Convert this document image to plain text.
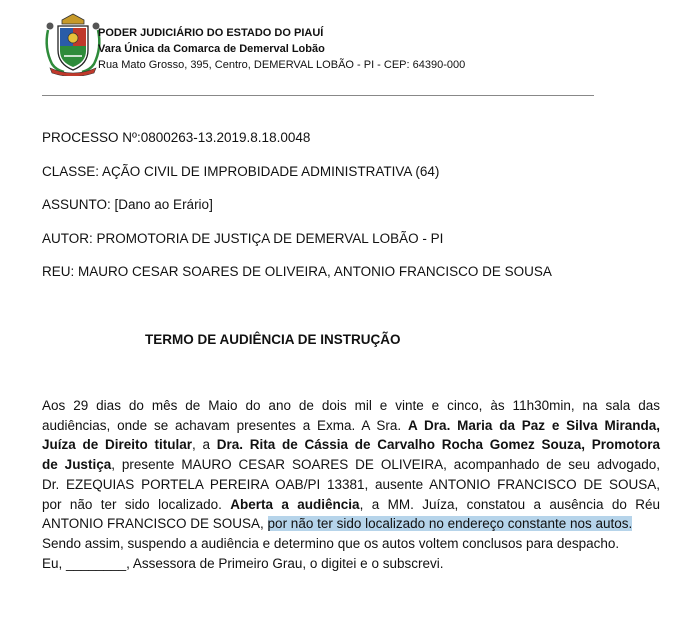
PODER JUDICIÁRIO DO ESTADO DO PIAUÍ
Vara Única da Comarca de Demerval Lobão
Rua Mato Grosso, 395, Centro, DEMERVAL LOBÃO - PI - CEP: 64390-000
PROCESSO Nº:0800263-13.2019.8.18.0048
CLASSE: AÇÃO CIVIL DE IMPROBIDADE ADMINISTRATIVA (64)
ASSUNTO: [Dano ao Erário]
AUTOR: PROMOTORIA DE JUSTIÇA DE DEMERVAL LOBÃO - PI
REU: MAURO CESAR SOARES DE OLIVEIRA, ANTONIO FRANCISCO DE SOUSA
TERMO DE AUDIÊNCIA DE INSTRUÇÃO
Aos 29 dias do mês de Maio do ano de dois mil e vinte e cinco, às 11h30min, na sala das
audiências, onde se achavam presentes a Exma. A Sra. A Dra. Maria da Paz e Silva Miranda,
Juíza de Direito titular, a Dra. Rita de Cássia de Carvalho Rocha Gomez Souza, Promotora
de Justiça, presente MAURO CESAR SOARES DE OLIVEIRA, acompanhado de seu advogado,
Dr. EZEQUIAS PORTELA PEREIRA OAB/PI 13381, ausente ANTONIO FRANCISCO DE SOUSA,
por não ter sido localizado. Aberta a audiência, a MM. Juíza, constatou a ausência do Réu
ANTONIO FRANCISCO DE SOUSA, por não ter sido localizado no endereço constante nos autos.
Sendo assim, suspendo a audiência e determino que os autos voltem conclusos para despacho.
Eu, ________, Assessora de Primeiro Grau, o digitei e o subscrevi.
